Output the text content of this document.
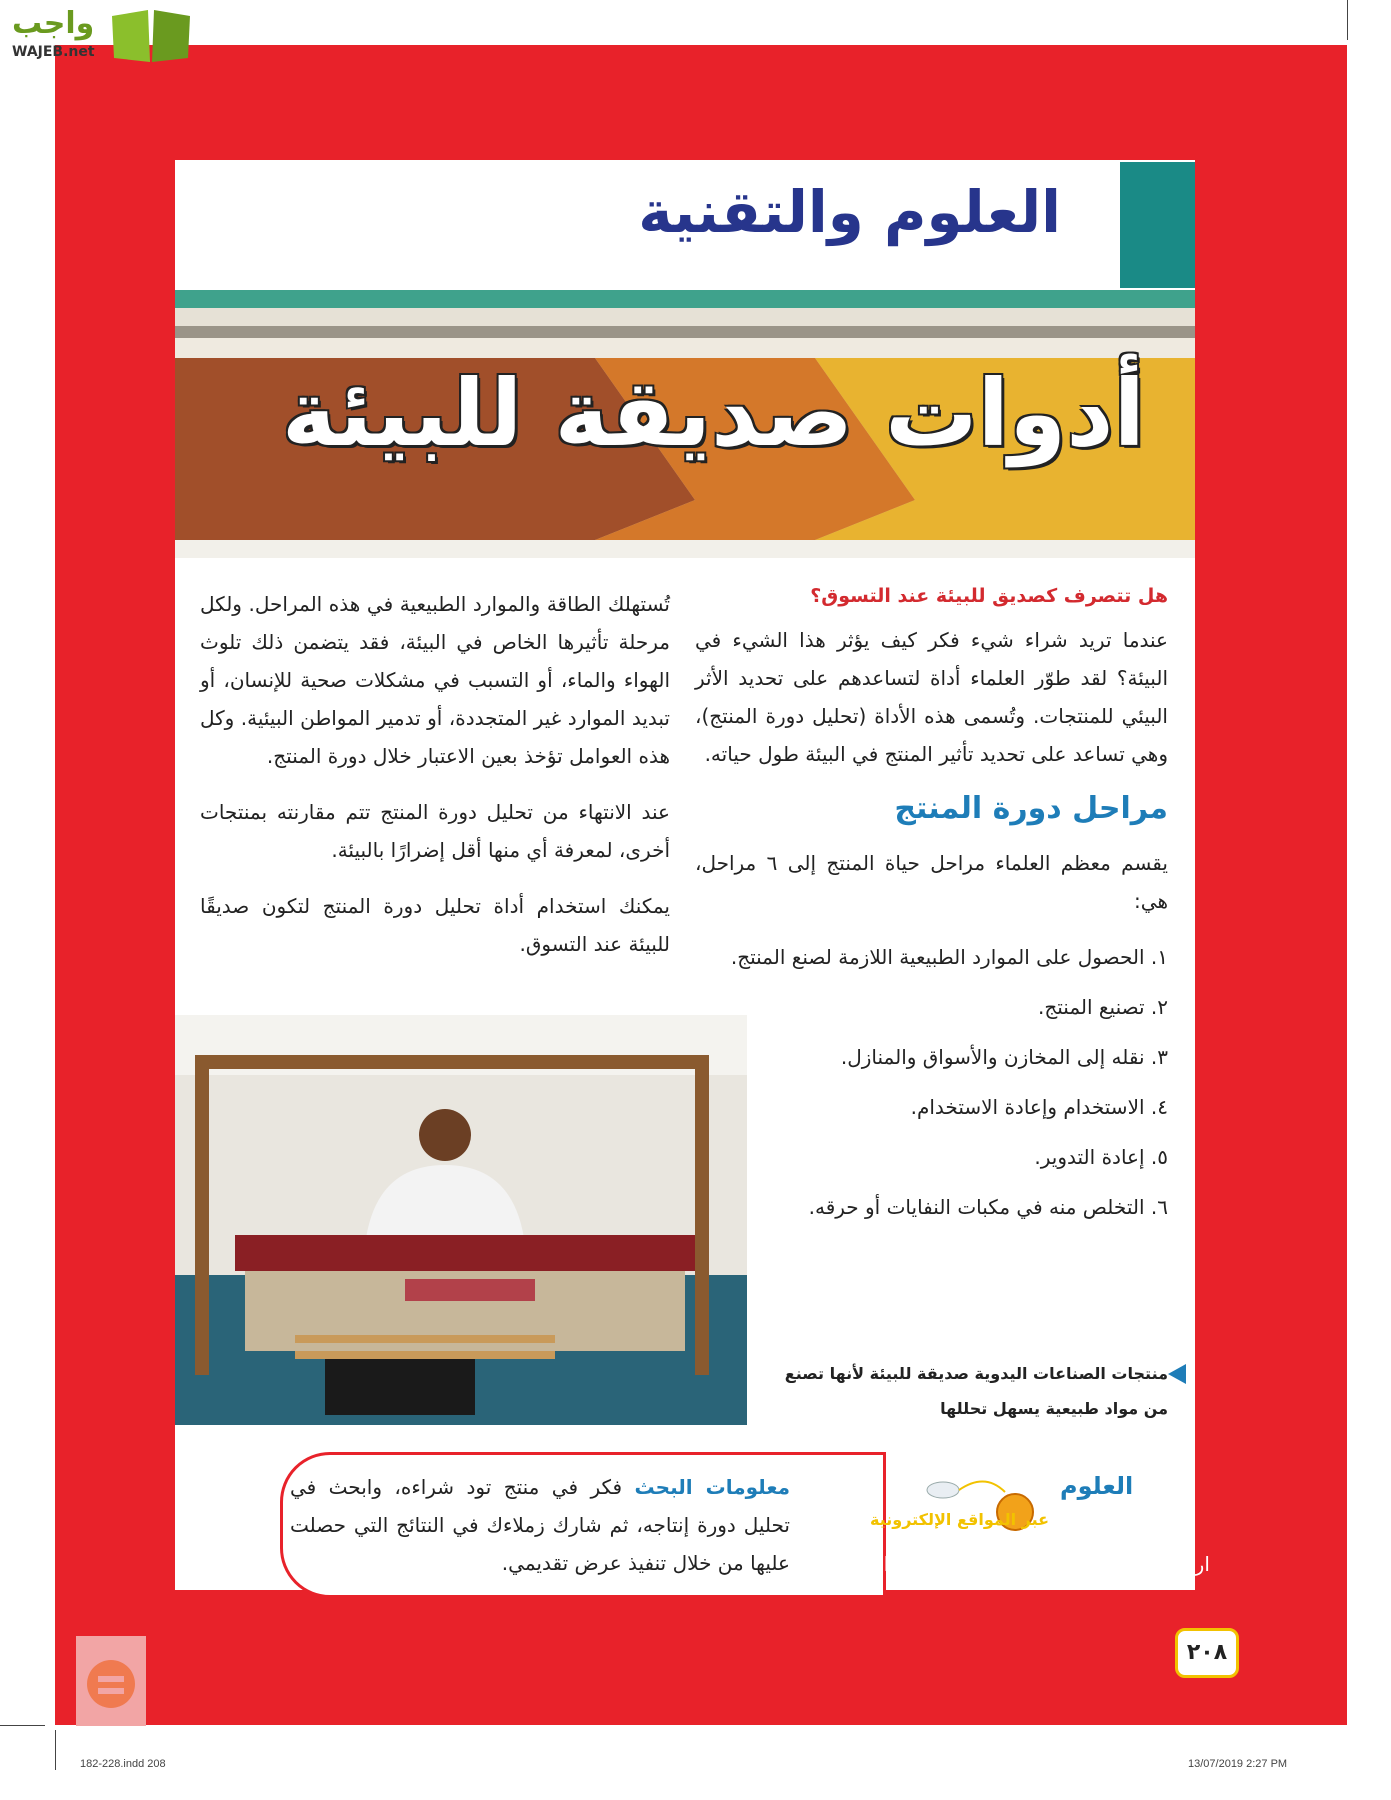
واجب
WAJEB.net
العلوم والتقنية
والمجتمع
أدوات صديقة للبيئة
هل تتصرف كصديق للبيئة عند التسوق؟

عندما تريد شراء شيء فكر كيف يؤثر هذا الشيء في البيئة؟ لقد طوّر العلماء أداة لتساعدهم على تحديد الأثر البيئي للمنتجات. وتُسمى هذه الأداة (تحليل دورة المنتج)، وهي تساعد على تحديد تأثير المنتج في البيئة طول حياته.

مراحل دورة المنتج

يقسم معظم العلماء مراحل حياة المنتج إلى ٦ مراحل، هي:

١. الحصول على الموارد الطبيعية اللازمة لصنع المنتج.
٢. تصنيع المنتج.
٣. نقله إلى المخازن والأسواق والمنازل.
٤. الاستخدام وإعادة الاستخدام.
٥. إعادة التدوير.
٦. التخلص منه في مكبات النفايات أو حرقه.

تُستهلك الطاقة والموارد الطبيعية في هذه المراحل. ولكل مرحلة تأثيرها الخاص في البيئة، فقد يتضمن ذلك تلوث الهواء والماء، أو التسبب في مشكلات صحية للإنسان، أو تبديد الموارد غير المتجددة، أو تدمير المواطن البيئية. وكل هذه العوامل تؤخذ بعين الاعتبار خلال دورة المنتج.

عند الانتهاء من تحليل دورة المنتج تتم مقارنته بمنتجات أخرى، لمعرفة أي منها أقل إضرارًا بالبيئة.

يمكنك استخدام أداة تحليل دورة المنتج لتكون صديقًا للبيئة عند التسوق.

منتجات الصناعات اليدوية صديقة للبيئة لأنها تصنع من مواد طبيعية يسهل تحللها
معلومات البحث فكر في منتج تود شراءه، وابحث في تحليل دورة إنتاجه، ثم شارك زملاءك في النتائج التي حصلت عليها من خلال تنفيذ عرض تقديمي.
العلوم
عبر المواقع الإلكترونية
ارجع إلى المواقع الإلكترونية عبر شبكة الإنترنت.
٢٠٨
182-228.indd 208	13/07/2019 2:27 PM
